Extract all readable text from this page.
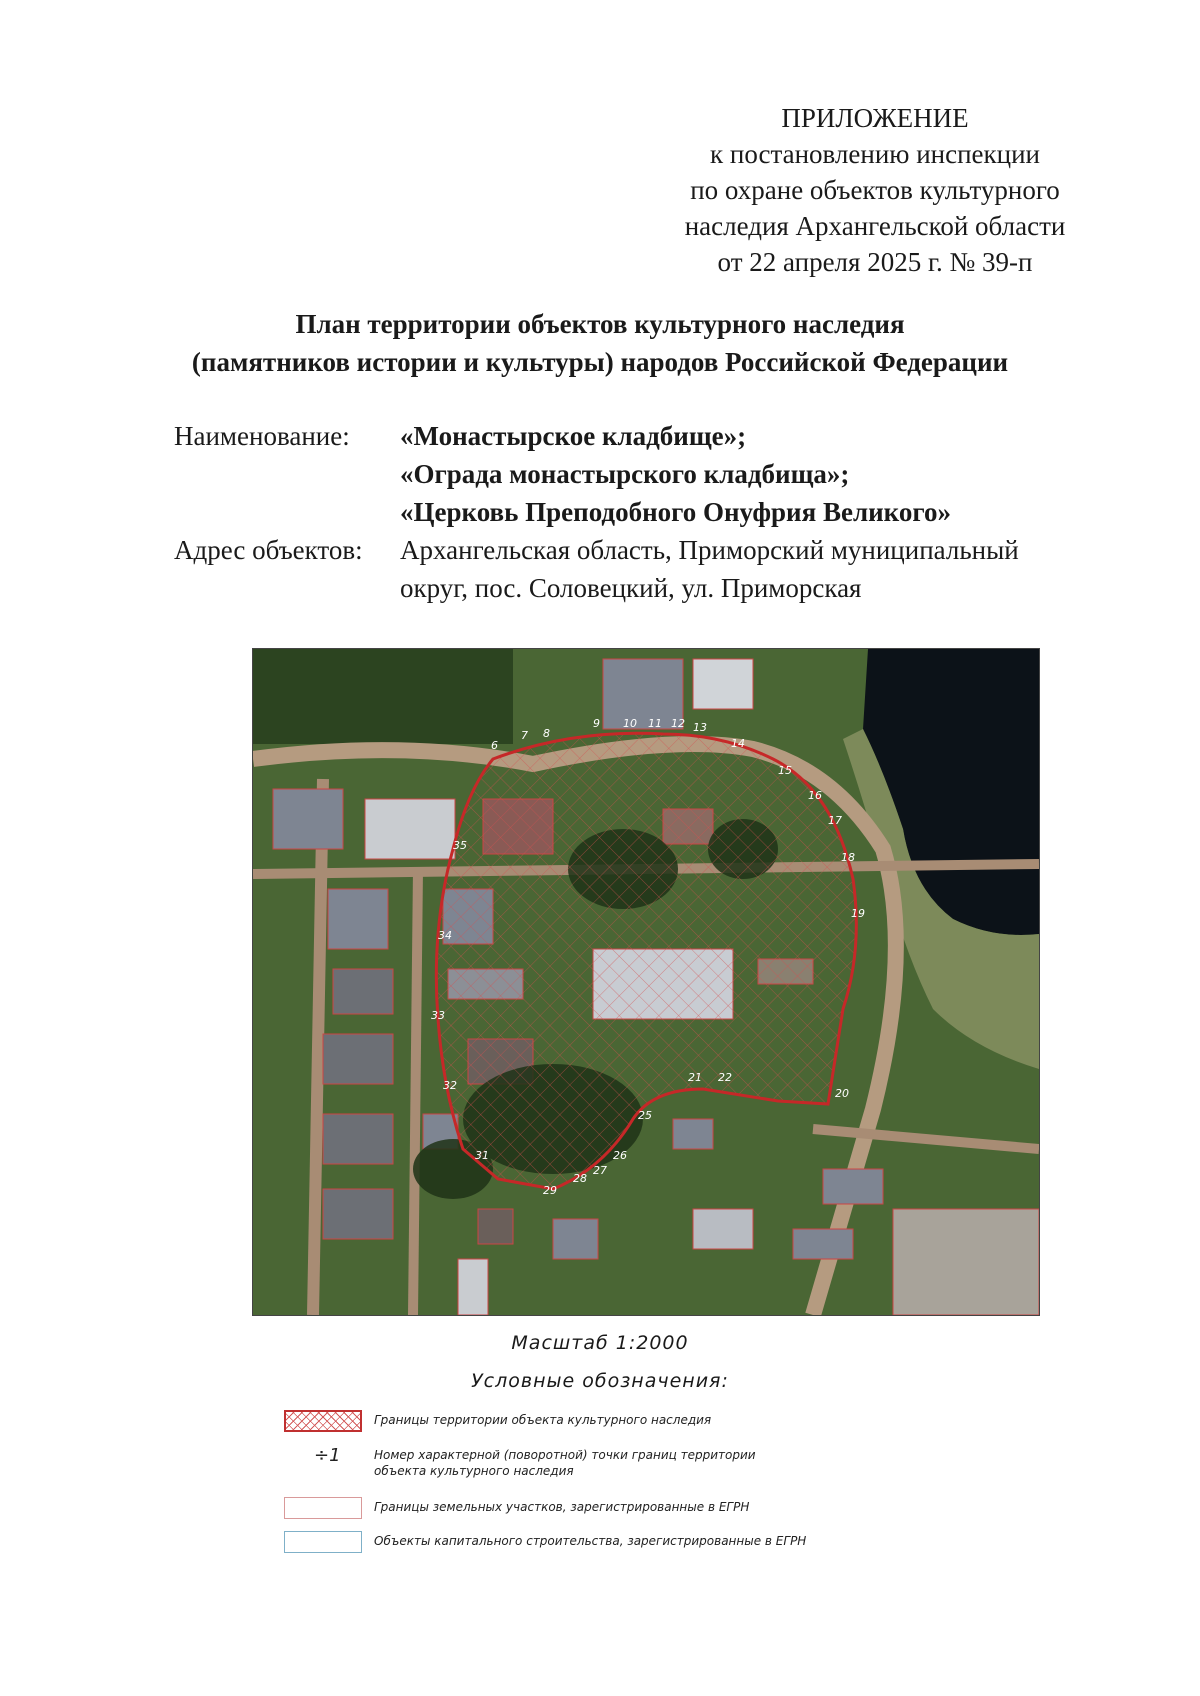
ПРИЛОЖЕНИЕ
к постановлению инспекции
по охране объектов культурного
наследия Архангельской области
от 22 апреля 2025 г. № 39-п
План территории объектов культурного наследия
(памятников истории и культуры) народов Российской Федерации
Наименование: «Монастырское кладбище»;
«Ограда монастырского кладбища»;
«Церковь Преподобного Онуфрия Великого»
Адрес объектов: Архангельская область, Приморский муниципальный
округ, пос. Соловецкий, ул. Приморская
6
7 8
9 10 11 12 13
14
15
16
17
18
19
20
21 22
25
26
27
28
29
31
32
33
34
35
Масштаб 1:2000
Условные обозначения:
Границы территории объекта культурного наследия
÷1	Номер характерной (поворотной) точки границ территории
объекта культурного наследия
Границы земельных участков, зарегистрированные в ЕГРН
Объекты капитального строительства, зарегистрированные в ЕГРН
